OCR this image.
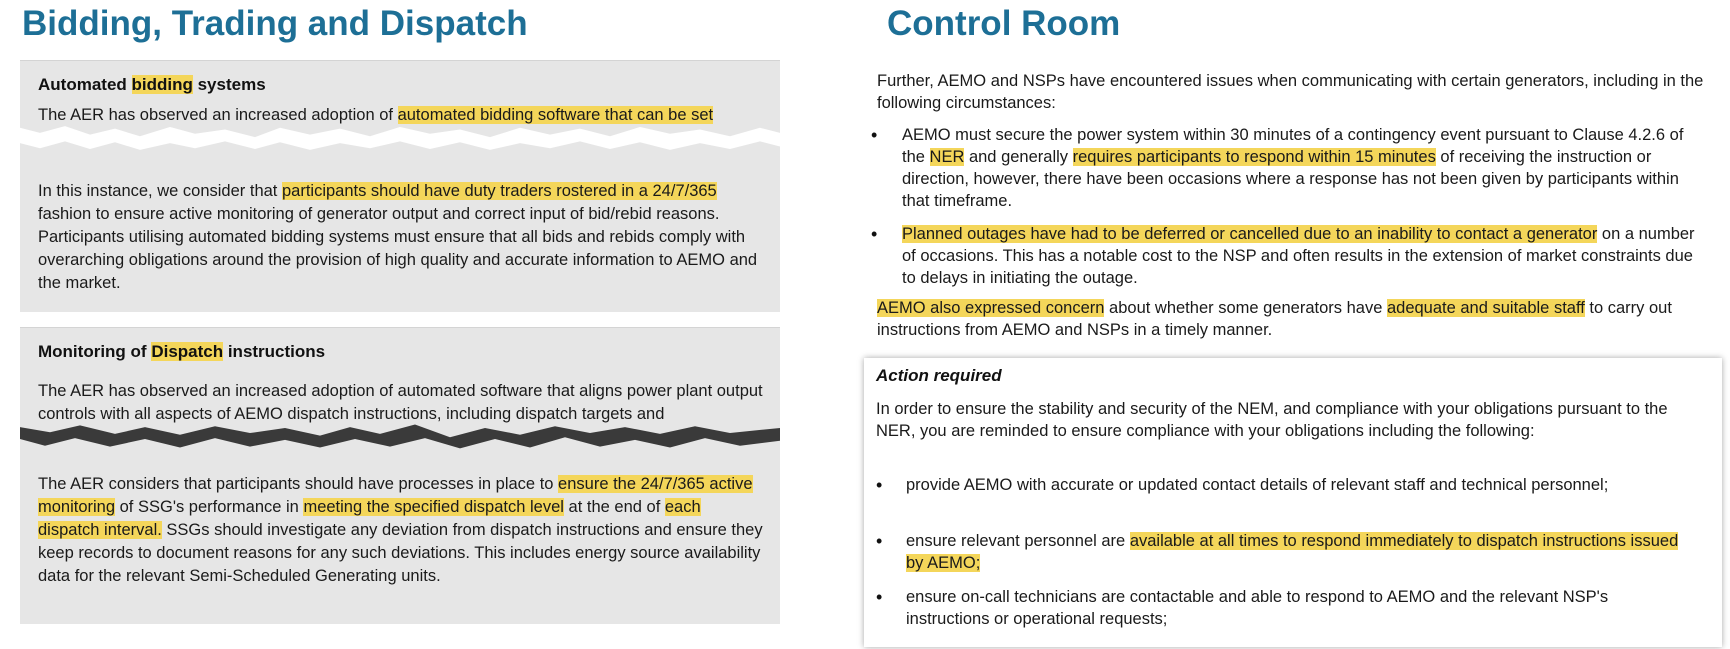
Bidding, Trading and Dispatch
Automated bidding systems

The AER has observed an increased adoption of automated bidding software that can be set

In this instance, we consider that participants should have duty traders rostered in a 24/7/365 fashion to ensure active monitoring of generator output and correct input of bid/rebid reasons. Participants utilising automated bidding systems must ensure that all bids and rebids comply with overarching obligations around the provision of high quality and accurate information to AEMO and the market.

Monitoring of Dispatch instructions

The AER has observed an increased adoption of automated software that aligns power plant output controls with all aspects of AEMO dispatch instructions, including dispatch targets and

The AER considers that participants should have processes in place to ensure the 24/7/365 active monitoring of SSG's performance in meeting the specified dispatch level at the end of each dispatch interval. SSGs should investigate any deviation from dispatch instructions and ensure they keep records to document reasons for any such deviations. This includes energy source availability data for the relevant Semi-Scheduled Generating units.

Control Room

Further, AEMO and NSPs have encountered issues when communicating with certain generators, including in the following circumstances:

• AEMO must secure the power system within 30 minutes of a contingency event pursuant to Clause 4.2.6 of the NER and generally requires participants to respond within 15 minutes of receiving the instruction or direction, however, there have been occasions where a response has not been given by participants within that timeframe.

• Planned outages have had to be deferred or cancelled due to an inability to contact a generator on a number of occasions. This has a notable cost to the NSP and often results in the extension of market constraints due to delays in initiating the outage.

AEMO also expressed concern about whether some generators have adequate and suitable staff to carry out instructions from AEMO and NSPs in a timely manner.

Action required

In order to ensure the stability and security of the NEM, and compliance with your obligations pursuant to the NER, you are reminded to ensure compliance with your obligations including the following:

• provide AEMO with accurate or updated contact details of relevant staff and technical personnel;

• ensure relevant personnel are available at all times to respond immediately to dispatch instructions issued by AEMO;

• ensure on-call technicians are contactable and able to respond to AEMO and the relevant NSP's instructions or operational requests;
